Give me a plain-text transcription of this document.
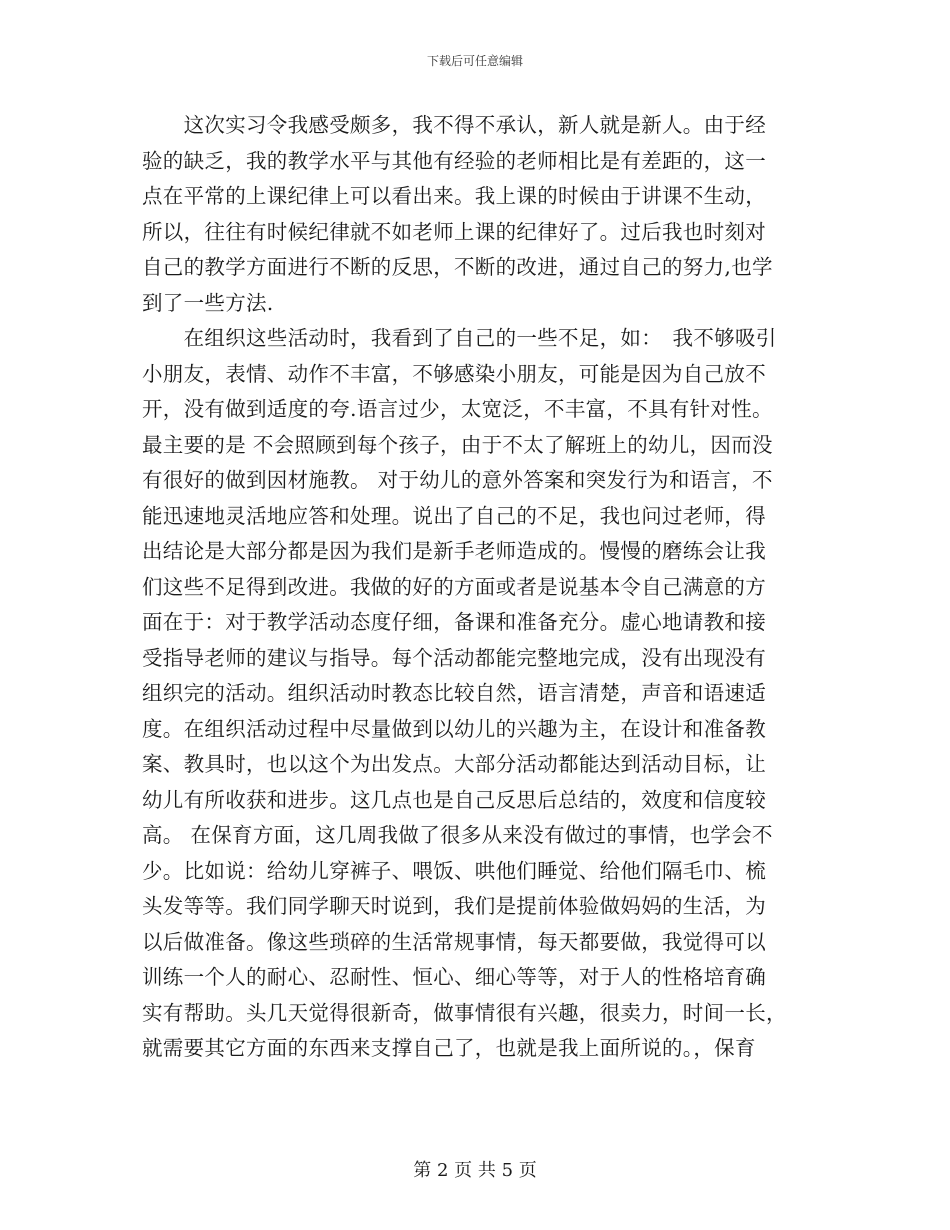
下载后可任意编辑
　　这次实习令我感受颇多，我不得不承认，新人就是新人。由于经
验的缺乏，我的教学水平与其他有经验的老师相比是有差距的，这一
点在平常的上课纪律上可以看出来。我上课的时候由于讲课不生动，
所以，往往有时候纪律就不如老师上课的纪律好了。过后我也时刻对
自己的教学方面进行不断的反思，不断的改进，通过自己的努力,也学
到了一些方法.
　　在组织这些活动时，我看到了自己的一些不足，如：　我不够吸引
小朋友，表情、动作不丰富，不够感染小朋友，可能是因为自己放不
开，没有做到适度的夸.语言过少，太宽泛，不丰富，不具有针对性。
最主要的是 不会照顾到每个孩子，由于不太了解班上的幼儿，因而没
有很好的做到因材施教。 对于幼儿的意外答案和突发行为和语言，不
能迅速地灵活地应答和处理。说出了自己的不足，我也问过老师，得
出结论是大部分都是因为我们是新手老师造成的。慢慢的磨练会让我
们这些不足得到改进。我做的好的方面或者是说基本令自己满意的方
面在于：对于教学活动态度仔细，备课和准备充分。虚心地请教和接
受指导老师的建议与指导。每个活动都能完整地完成，没有出现没有
组织完的活动。组织活动时教态比较自然，语言清楚，声音和语速适
度。在组织活动过程中尽量做到以幼儿的兴趣为主，在设计和准备教
案、教具时，也以这个为出发点。大部分活动都能达到活动目标，让
幼儿有所收获和进步。这几点也是自己反思后总结的，效度和信度较
高。 在保育方面，这几周我做了很多从来没有做过的事情，也学会不
少。比如说：给幼儿穿裤子、喂饭、哄他们睡觉、给他们隔毛巾、梳
头发等等。我们同学聊天时说到，我们是提前体验做妈妈的生活，为
以后做准备。像这些琐碎的生活常规事情，每天都要做，我觉得可以
训练一个人的耐心、忍耐性、恒心、细心等等，对于人的性格培育确
实有帮助。头几天觉得很新奇，做事情很有兴趣，很卖力，时间一长，
就需要其它方面的东西来支撑自己了，也就是我上面所说的。，保育
第 2 页 共 5 页
